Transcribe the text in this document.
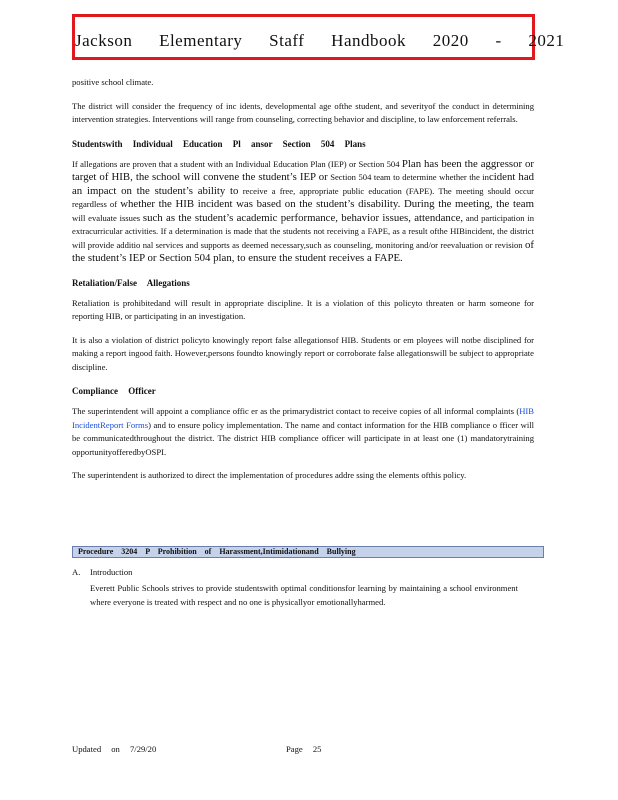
Jackson Elementary Staff Handbook 2020 - 2021

positive school climate.

The district will consider the frequency of inc idents, developmental age ofthe student, and severityof the conduct in determining intervention strategies. Interventions will range from counseling, correcting behavior and discipline, to law enforcement referrals.

Studentswith Individual Education Pl ansor Section 504 Plans

If allegations are proven that a student with an Individual Education Plan (IEP) or Section 504 Plan has been the aggressor or target of HIB, the school will convene the student’s IEP or Section 504 team to determine whether the incident had an impact on the student’s ability to receive a free, appropriate public education (FAPE). The meeting should occur regardless of whether the HIB incident was based on the student’s disability. During the meeting, the team will evaluate issues such as the student’s academic performance, behavior issues, attendance, and participation in extracurricular activities. If a determination is made that the students not receiving a FAPE, as a result ofthe HIBincident, the district will provide additio nal services and supports as deemed necessary,such as counseling, monitoring and/or reevaluation or revision of the student’s IEP or Section 504 plan, to ensure the student receives a FAPE.

Retaliation/False Allegations

Retaliation is prohibitedand will result in appropriate discipline. It is a violation of this policyto threaten or harm someone for reporting HIB, or participating in an investigation.

It is also a violation of district policyto knowingly report false allegationsof HIB. Students or em ployees will notbe disciplined for making a report ingood faith. However,persons foundto knowingly report or corroborate false allegationswill be subject to appropriate discipline.

Compliance Officer

The superintendent will appoint a compliance offic er as the primarydistrict contact to receive copies of all informal complaints (HIB IncidentReport Forms) and to ensure policy implementation. The name and contact information for the HIB compliance o fficer will be communicatedthroughout the district. The district HIB compliance officer will participate in at least one (1) mandatorytraining opportunityofferedbyOSPI.

The superintendent is authorized to direct the implementation of procedures addre ssing the elements ofthis policy.

Procedure 3204 P Prohibition of Harassment,Intimidationand Bullying
A. Introduction

Everett Public Schools strives to provide studentswith optimal conditionsfor learning by maintaining a school environment where everyone is treated with respect and no one is physicallyor emotionallyharmed.

Updated on 7/29/20	Page 25
